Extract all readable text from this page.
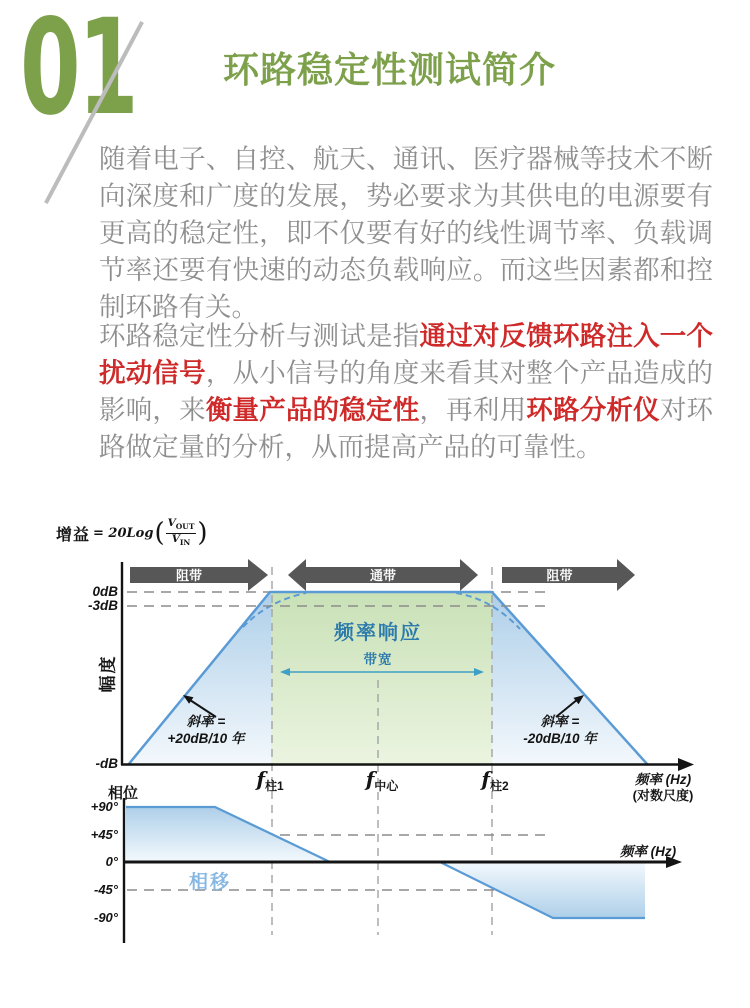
01 环路稳定性测试简介
随着电子、自控、航天、通讯、医疗器械等技术不断向深度和广度的发展，势必要求为其供电的电源要有更高的稳定性，即不仅要有好的线性调节率、负载调节率还要有快速的动态负载响应。而这些因素都和控制环路有关。
环路稳定性分析与测试是指通过对反馈环路注入一个扰动信号，从小信号的角度来看其对整个产品造成的影响，来衡量产品的稳定性，再利用环路分析仪对环路做定量的分析，从而提高产品的可靠性。
增益 = 20Log ( $\frac{V_{OUT}}{V_{IN}}$ )
阻带	通带	阻带
0dB
-3dB
-dB
幅度
频率响应
带宽
斜率 =
+20dB/10 年
斜率 =
-20dB/10 年
$f_{柱1}$	$f_{中心}$	$f_{柱2}$	频率 (Hz)
(对数尺度)
相位
+90°
+45°
0°
-45°
-90°
相移
频率 (Hz)
